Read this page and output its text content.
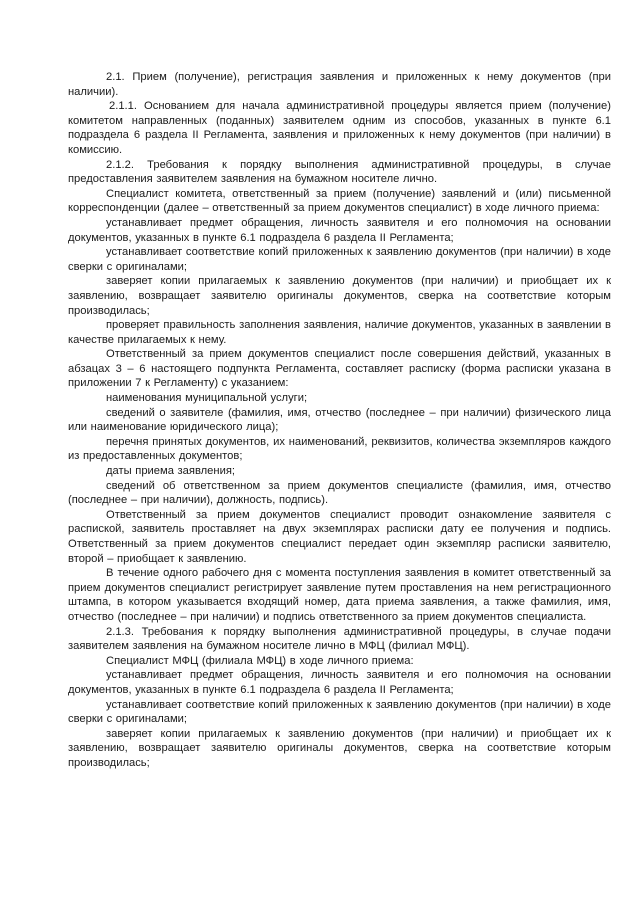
2.1. Прием (получение), регистрация заявления и приложенных к нему документов (при наличии).

2.1.1. Основанием для начала административной процедуры является прием (получение) комитетом направленных (поданных) заявителем одним из способов, указанных в пункте 6.1 подраздела 6 раздела II Регламента, заявления и приложенных к нему документов (при наличии) в комиссию.

2.1.2. Требования к порядку выполнения административной процедуры, в случае предоставления заявителем заявления на бумажном носителе лично.

Специалист комитета, ответственный за прием (получение) заявлений и (или) письменной корреспонденции (далее – ответственный за прием документов специалист) в ходе личного приема:

устанавливает предмет обращения, личность заявителя и его полномочия на основании документов, указанных в пункте 6.1 подраздела 6 раздела II Регламента;

устанавливает соответствие копий приложенных к заявлению документов (при наличии) в ходе сверки с оригиналами;

заверяет копии прилагаемых к заявлению документов (при наличии) и приобщает их к заявлению, возвращает заявителю оригиналы документов, сверка на соответствие которым производилась;

проверяет правильность заполнения заявления, наличие документов, указанных в заявлении в качестве прилагаемых к нему.

Ответственный за прием документов специалист после совершения действий, указанных в абзацах 3 – 6 настоящего подпункта Регламента, составляет расписку (форма расписки указана в приложении 7 к Регламенту) с указанием:

наименования муниципальной услуги;

сведений о заявителе (фамилия, имя, отчество (последнее – при наличии) физического лица или наименование юридического лица);

перечня принятых документов, их наименований, реквизитов, количества экземпляров каждого из предоставленных документов;

даты приема заявления;

сведений об ответственном за прием документов специалисте (фамилия, имя, отчество (последнее – при наличии), должность, подпись).

Ответственный за прием документов специалист проводит ознакомление заявителя с распиской, заявитель проставляет на двух экземплярах расписки дату ее получения и подпись. Ответственный за прием документов специалист передает один экземпляр расписки заявителю, второй – приобщает к заявлению.

В течение одного рабочего дня с момента поступления заявления в комитет ответственный за прием документов специалист регистрирует заявление путем проставления на нем регистрационного штампа, в котором указывается входящий номер, дата приема заявления, а также фамилия, имя, отчество (последнее – при наличии) и подпись ответственного за прием документов специалиста.

2.1.3. Требования к порядку выполнения административной процедуры, в случае подачи заявителем заявления на бумажном носителе лично в МФЦ (филиал МФЦ).

Специалист МФЦ (филиала МФЦ) в ходе личного приема:

устанавливает предмет обращения, личность заявителя и его полномочия на основании документов, указанных в пункте 6.1 подраздела 6 раздела II Регламента;

устанавливает соответствие копий приложенных к заявлению документов (при наличии) в ходе сверки с оригиналами;

заверяет копии прилагаемых к заявлению документов (при наличии) и приобщает их к заявлению, возвращает заявителю оригиналы документов, сверка на соответствие которым производилась;
